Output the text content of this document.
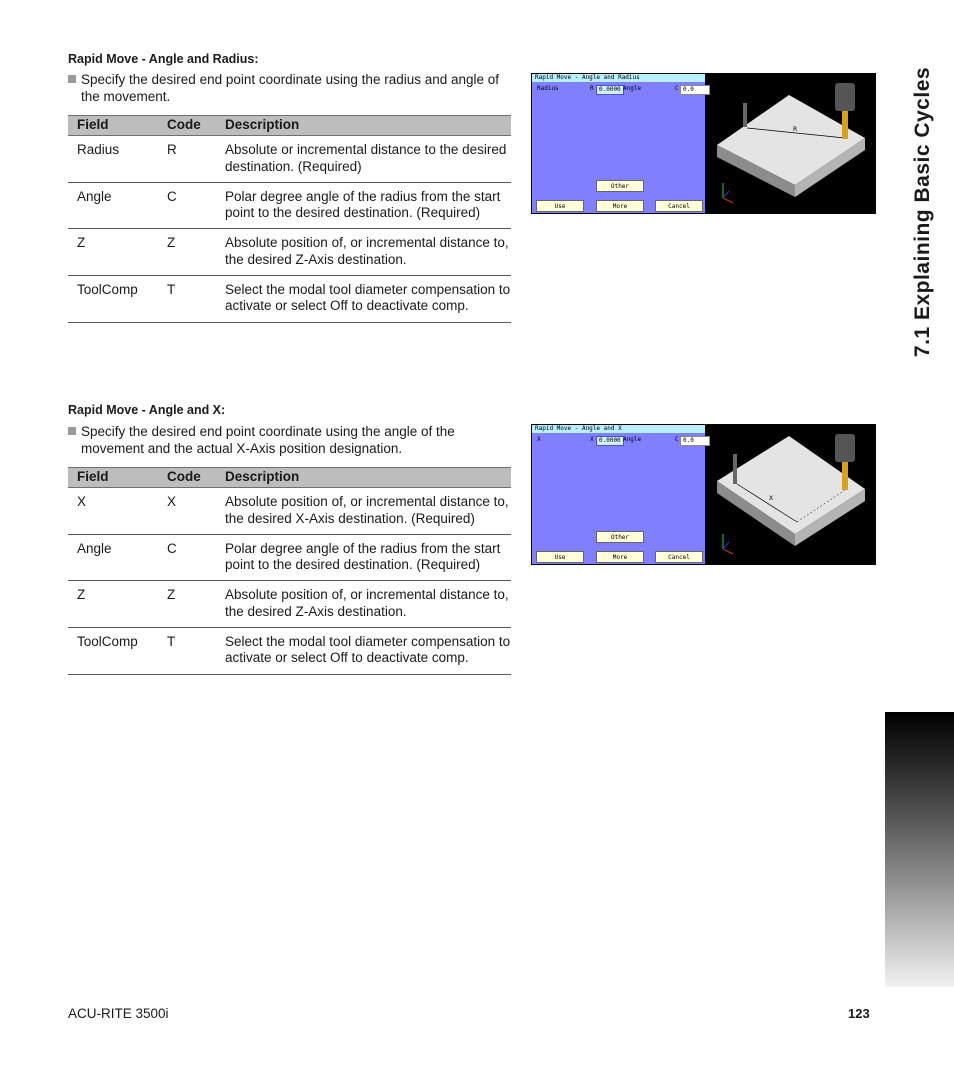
7.1 Explaining Basic Cycles
Rapid Move - Angle and Radius:
Specify the desired end point coordinate using the radius and angle of the movement.
Field	Code	Description
Radius	R	Absolute or incremental distance to the desired destination. (Required)
Angle	C	Polar degree angle of the radius from the start point to the desired destination. (Required)
Z	Z	Absolute position of, or incremental distance to, the desired Z-Axis destination.
ToolComp	T	Select the modal tool diameter compensation to activate or select Off to deactivate comp.
Rapid Move - Angle and Radius
Radius	R 0.0000 Angle	C 0.0
Other
Use	More	Cancel
R
Rapid Move - Angle and X:
Specify the desired end point coordinate using the angle of the movement and the actual X-Axis position designation.
Field	Code	Description
X	X	Absolute position of, or incremental distance to, the desired X-Axis destination. (Required)
Angle	C	Polar degree angle of the radius from the start point to the desired destination. (Required)
Z	Z	Absolute position of, or incremental distance to, the desired Z-Axis destination.
ToolComp	T	Select the modal tool diameter compensation to activate or select Off to deactivate comp.
Rapid Move - Angle and X
X	X 0.0000 Angle	C 0.0
Other
Use	More	Cancel
X
ACU-RITE 3500i	123
